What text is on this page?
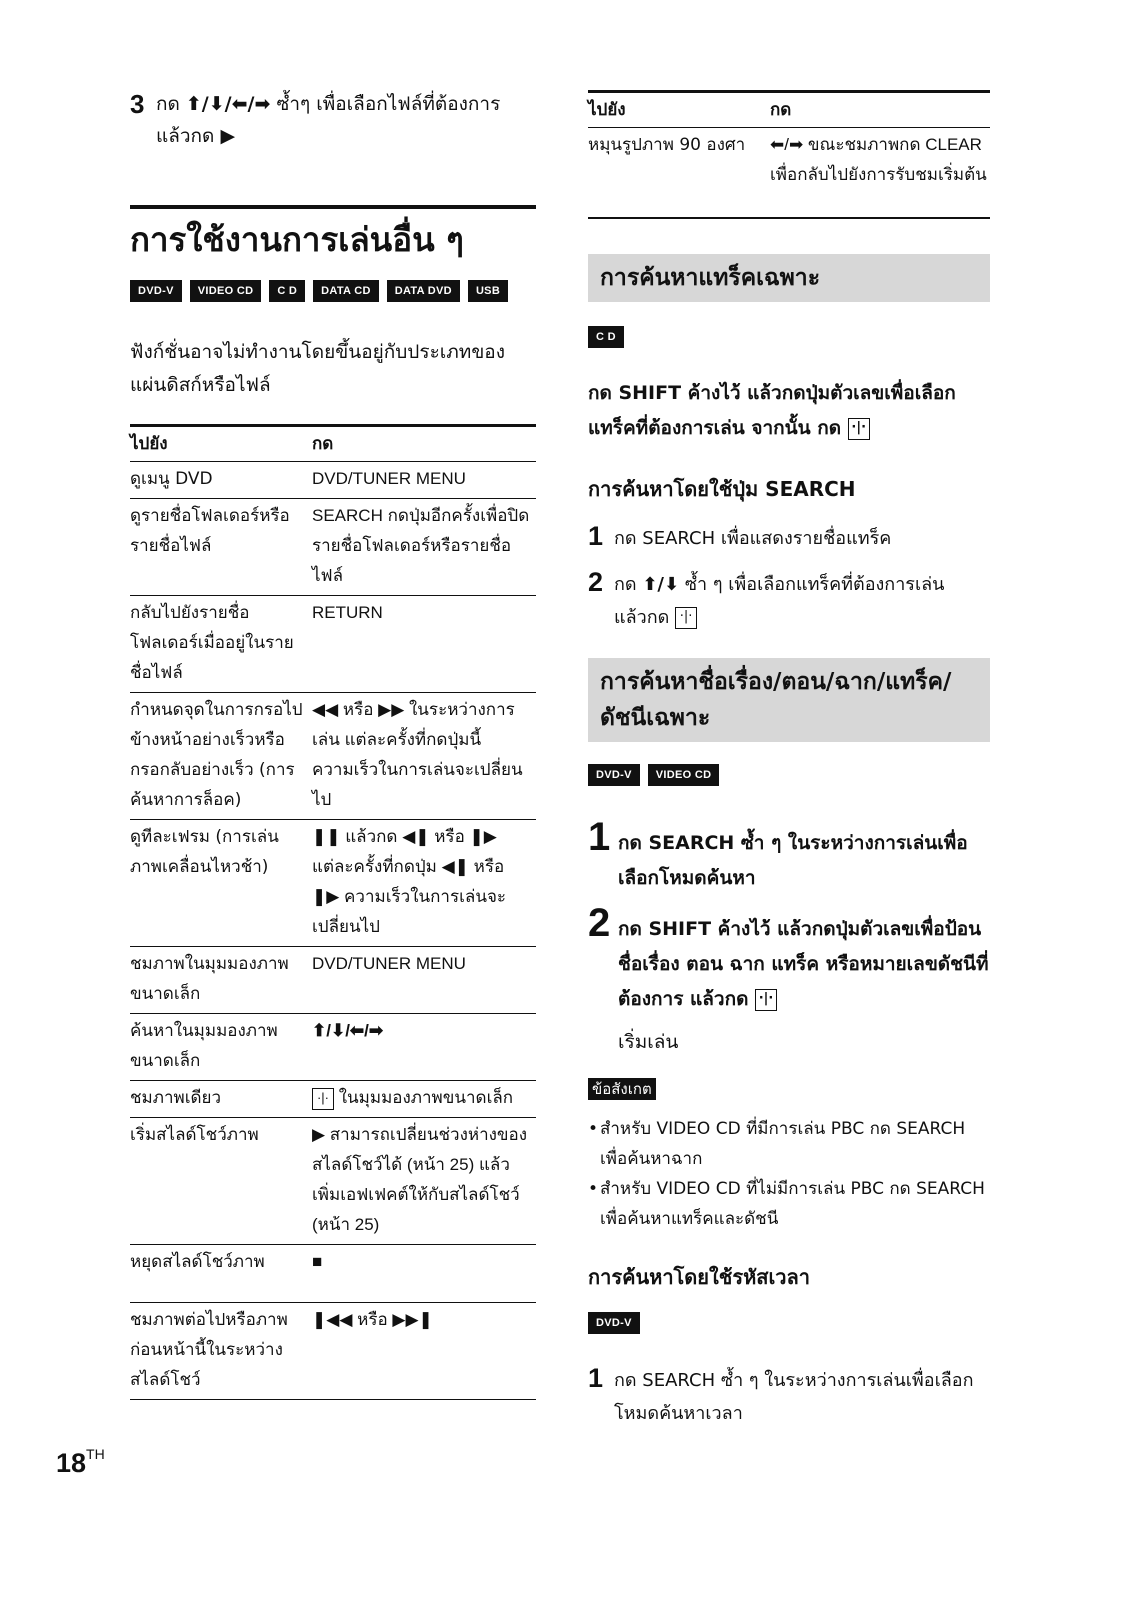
3 กด ⬆/⬇/⬅/➡ ซ้ำๆ เพื่อเลือกไฟล์ที่ต้องการ
แล้วกด ▶
การใช้งานการเล่นอื่น ๆ
DVD-V	VIDEO CD	C D	DATA CD	DATA DVD	USB
ฟังก์ชั่นอาจไม่ทำงานโดยขึ้นอยู่กับประเภทของแผ่นดิสก์หรือไฟล์
ไปยัง	กด
ดูเมนู DVD	DVD/TUNER MENU
ดูรายชื่อโฟลเดอร์หรือรายชื่อไฟล์	SEARCH กดปุ่มอีกครั้งเพื่อปิดรายชื่อโฟลเดอร์หรือรายชื่อไฟล์
กลับไปยังรายชื่อโฟลเดอร์เมื่ออยู่ในรายชื่อไฟล์	RETURN
กำหนดจุดในการกรอไปข้างหน้าอย่างเร็วหรือกรอกลับอย่างเร็ว (การค้นหาการล็อค)	◀◀ หรือ ▶▶ ในระหว่างการเล่น แต่ละครั้งที่กดปุ่มนี้ ความเร็วในการเล่นจะเปลี่ยนไป
ดูทีละเฟรม (การเล่นภาพเคลื่อนไหวช้า)	❚❚ แล้วกด ◀❚ หรือ ❚▶ แต่ละครั้งที่กดปุ่ม ◀❚ หรือ ❚▶ ความเร็วในการเล่นจะเปลี่ยนไป
ชมภาพในมุมมองภาพขนาดเล็ก	DVD/TUNER MENU
ค้นหาในมุมมองภาพขนาดเล็ก	⬆/⬇/⬅/➡
ชมภาพเดียว	·|· ในมุมมองภาพขนาดเล็ก
เริ่มสไลด์โชว์ภาพ	▶ สามารถเปลี่ยนช่วงห่างของสไลด์โชว์ได้ (หน้า 25) แล้วเพิ่มเอฟเฟคต์ให้กับสไลด์โชว์ (หน้า 25)
หยุดสไลด์โชว์ภาพ	■
ชมภาพต่อไปหรือภาพก่อนหน้านี้ในระหว่างสไลด์โชว์	❚◀◀ หรือ ▶▶❚
ไปยัง	กด
หมุนรูปภาพ 90 องศา	⬅/➡ ขณะชมภาพกด CLEAR เพื่อกลับไปยังการรับชมเริ่มต้น
การค้นหาแทร็คเฉพาะ
C D
กด SHIFT ค้างไว้ แล้วกดปุ่มตัวเลขเพื่อเลือก
แทร็คที่ต้องการเล่น จากนั้น กด ·|·
การค้นหาโดยใช้ปุ่ม SEARCH
1 กด SEARCH เพื่อแสดงรายชื่อแทร็ค
2 กด ⬆/⬇ ซ้ำ ๆ เพื่อเลือกแทร็คที่ต้องการเล่น
แล้วกด ·|·
การค้นหาชื่อเรื่อง/ตอน/ฉาก/แทร็ค/ดัชนีเฉพาะ
DVD-V	VIDEO CD
1 กด SEARCH ซ้ำ ๆ ในระหว่างการเล่นเพื่อเลือกโหมดค้นหา
2 กด SHIFT ค้างไว้ แล้วกดปุ่มตัวเลขเพื่อป้อนชื่อเรื่อง ตอน ฉาก แทร็ค หรือหมายเลขดัชนีที่ต้องการ แล้วกด ·|·
เริ่มเล่น
ข้อสังเกต
• สำหรับ VIDEO CD ที่มีการเล่น PBC กด SEARCH เพื่อค้นหาฉาก
• สำหรับ VIDEO CD ที่ไม่มีการเล่น PBC กด SEARCH เพื่อค้นหาแทร็คและดัชนี
การค้นหาโดยใช้รหัสเวลา
DVD-V
1 กด SEARCH ซ้ำ ๆ ในระหว่างการเล่นเพื่อเลือกโหมดค้นหาเวลา
18TH
